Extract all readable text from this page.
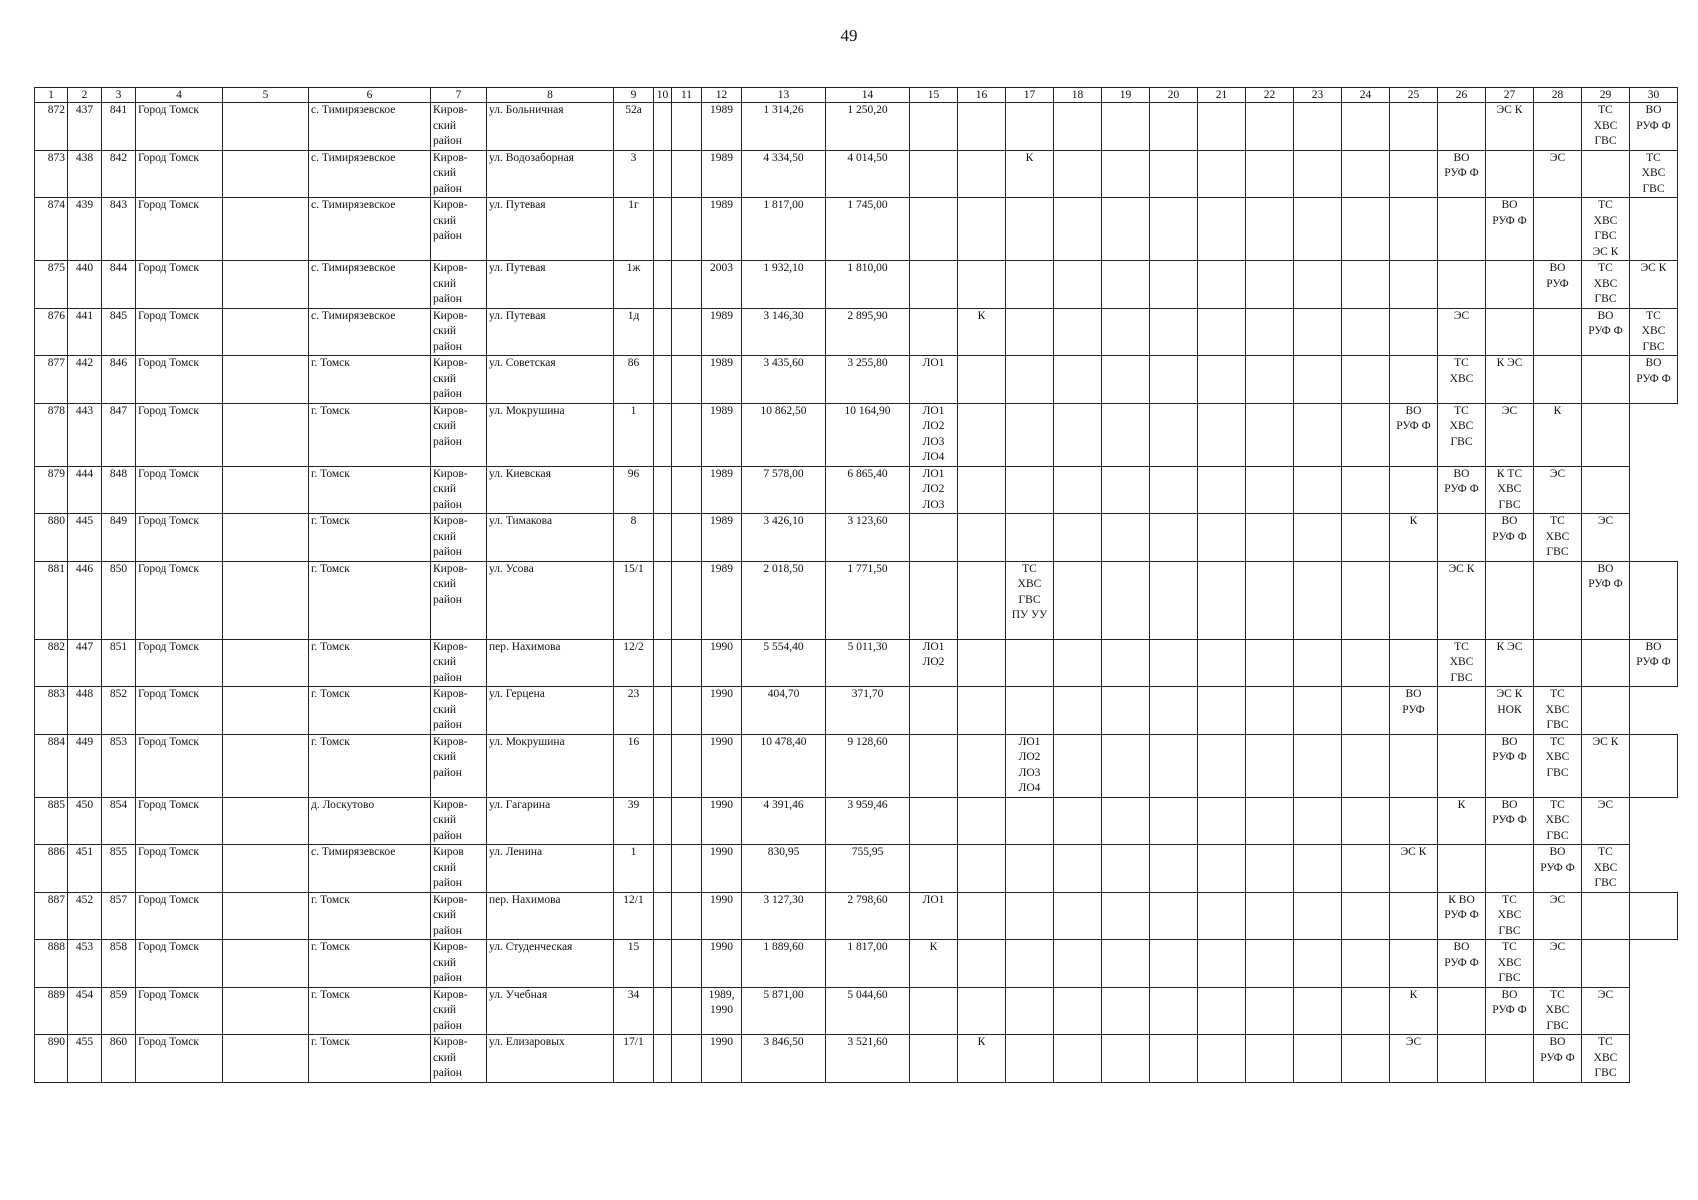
49
1	2	3	4	5	6	7	8	9	10	11	12	13	14	15	16	17	18	19	20	21	22	23	24	25	26	27	28	29	30
872	437	841	Город Томск		с. Тимирязевское	Киров-
ский
район	ул. Больничная	52а			1989	1 314,26	1 250,20													ЭС К		ТС
ХВС
ГВС	ВО
РУФ Ф
873	438	842	Город Томск		с. Тимирязевское	Киров-
ский
район	ул. Водозаборная	3			1989	4 334,50	4 014,50			К									ВО
РУФ Ф		ЭС		ТС
ХВС
ГВС
874	439	843	Город Томск		с. Тимирязевское	Киров-
ский
район	ул. Путевая	1г			1989	1 817,00	1 745,00													ВО
РУФ Ф		ТС
ХВС
ГВС
ЭС К	
875	440	844	Город Томск		с. Тимирязевское	Киров-
ский
район	ул. Путевая	1ж			2003	1 932,10	1 810,00														ВО
РУФ	ТС
ХВС
ГВС	ЭС К
876	441	845	Город Томск		с. Тимирязевское	Киров-
ский
район	ул. Путевая	1д			1989	3 146,30	2 895,90		К										ЭС			ВО
РУФ Ф	ТС
ХВС
ГВС
877	442	846	Город Томск		г. Томск	Киров-
ский
район	ул. Советская	86			1989	3 435,60	3 255,80	ЛО1											ТС
ХВС	К ЭС			ВО
РУФ Ф
878	443	847	Город Томск		г. Томск	Киров-
ский
район	ул. Мокрушина	1			1989	10 862,50	10 164,90	ЛО1
ЛО2
ЛО3
ЛО4										ВО
РУФ Ф	ТС
ХВС
ГВС	ЭС	К		
879	444	848	Город Томск		г. Томск	Киров-
ский
район	ул. Киевская	96			1989	7 578,00	6 865,40	ЛО1
ЛО2
ЛО3											ВО
РУФ Ф	К ТС
ХВС
ГВС	ЭС		
880	445	849	Город Томск		г. Томск	Киров-
ский
район	ул. Тимакова	8			1989	3 426,10	3 123,60											К		ВО
РУФ Ф	ТС
ХВС
ГВС	ЭС	
881	446	850	Город Томск		г. Томск	Киров-
ский
район	ул. Усова	15/1			1989	2 018,50	1 771,50			ТС
ХВС
ГВС
ПУ УУ									ЭС К			ВО
РУФ Ф	
882	447	851	Город Томск		г. Томск	Киров-
ский
район	пер. Нахимова	12/2			1990	5 554,40	5 011,30	ЛО1
ЛО2											ТС
ХВС
ГВС	К ЭС			ВО
РУФ Ф
883	448	852	Город Томск		г. Томск	Киров-
ский
район	ул. Герцена	23			1990	404,70	371,70											ВО
РУФ		ЭС К
НОК	ТС
ХВС
ГВС		
884	449	853	Город Томск		г. Томск	Киров-
ский
район	ул. Мокрушина	16			1990	10 478,40	9 128,60			ЛО1
ЛО2
ЛО3
ЛО4										ВО
РУФ Ф	ТС
ХВС
ГВС	ЭС К	
885	450	854	Город Томск		д. Лоскутово	Киров-
ский
район	ул. Гагарина	39			1990	4 391,46	3 959,46												К	ВО
РУФ Ф	ТС
ХВС
ГВС	ЭС	
886	451	855	Город Томск		с. Тимирязевское	Киров
ский
район	ул. Ленина	1			1990	830,95	755,95											ЭС К			ВО
РУФ Ф	ТС
ХВС
ГВС	
887	452	857	Город Томск		г. Томск	Киров-
ский
район	пер. Нахимова	12/1			1990	3 127,30	2 798,60	ЛО1											К ВО
РУФ Ф	ТС
ХВС
ГВС	ЭС		
888	453	858	Город Томск		г. Томск	Киров-
ский
район	ул. Студенческая	15			1990	1 889,60	1 817,00	К											ВО
РУФ Ф	ТС
ХВС
ГВС	ЭС		
889	454	859	Город Томск		г. Томск	Киров-
ский
район	ул. Учебная	34			1989,
1990	5 871,00	5 044,60											К		ВО
РУФ Ф	ТС
ХВС
ГВС	ЭС	
890	455	860	Город Томск		г. Томск	Киров-
ский
район	ул. Елизаровых	17/1			1990	3 846,50	3 521,60		К									ЭС			ВО
РУФ Ф	ТС
ХВС
ГВС	
